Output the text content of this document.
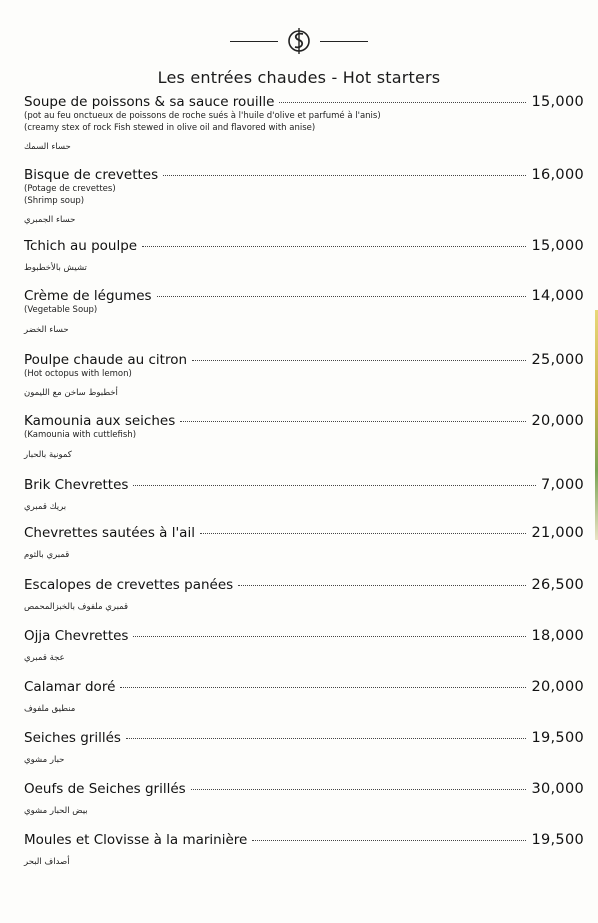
Les entrées chaudes - Hot starters
Soupe de poissons & sa sauce rouille	15,000
(pot au feu onctueux de poissons de roche sués à l'huile d'olive et parfumé à l'anis)
(creamy stex of rock Fish stewed in olive oil and flavored with anise)
حساء السمك
Bisque de crevettes	16,000
(Potage de crevettes)
(Shrimp soup)
حساء الجمبري
Tchich au poulpe	15,000
تشيش بالأخطبوط
Crème de légumes	14,000
(Vegetable Soup)
حساء الخضر
Poulpe chaude au citron	25,000
(Hot octopus with lemon)
أخطبوط ساخن مع الليمون
Kamounia aux seiches	20,000
(Kamounia with cuttlefish)
كمونية بالحبار
Brik Chevrettes	7,000
بريك قمبري
Chevrettes sautées à l'ail	21,000
قمبري بالثوم
Escalopes de crevettes panées	26,500
قمبري ملفوف بالخبزالمحمص
Ojja Chevrettes	18,000
عجة قمبري
Calamar doré	20,000
منطيق ملفوف
Seiches grillés	19,500
حبار مشوي
Oeufs de Seiches grillés	30,000
بيض الحبار مشوي
Moules et Clovisse à la marinière	19,500
أصداف البحر
